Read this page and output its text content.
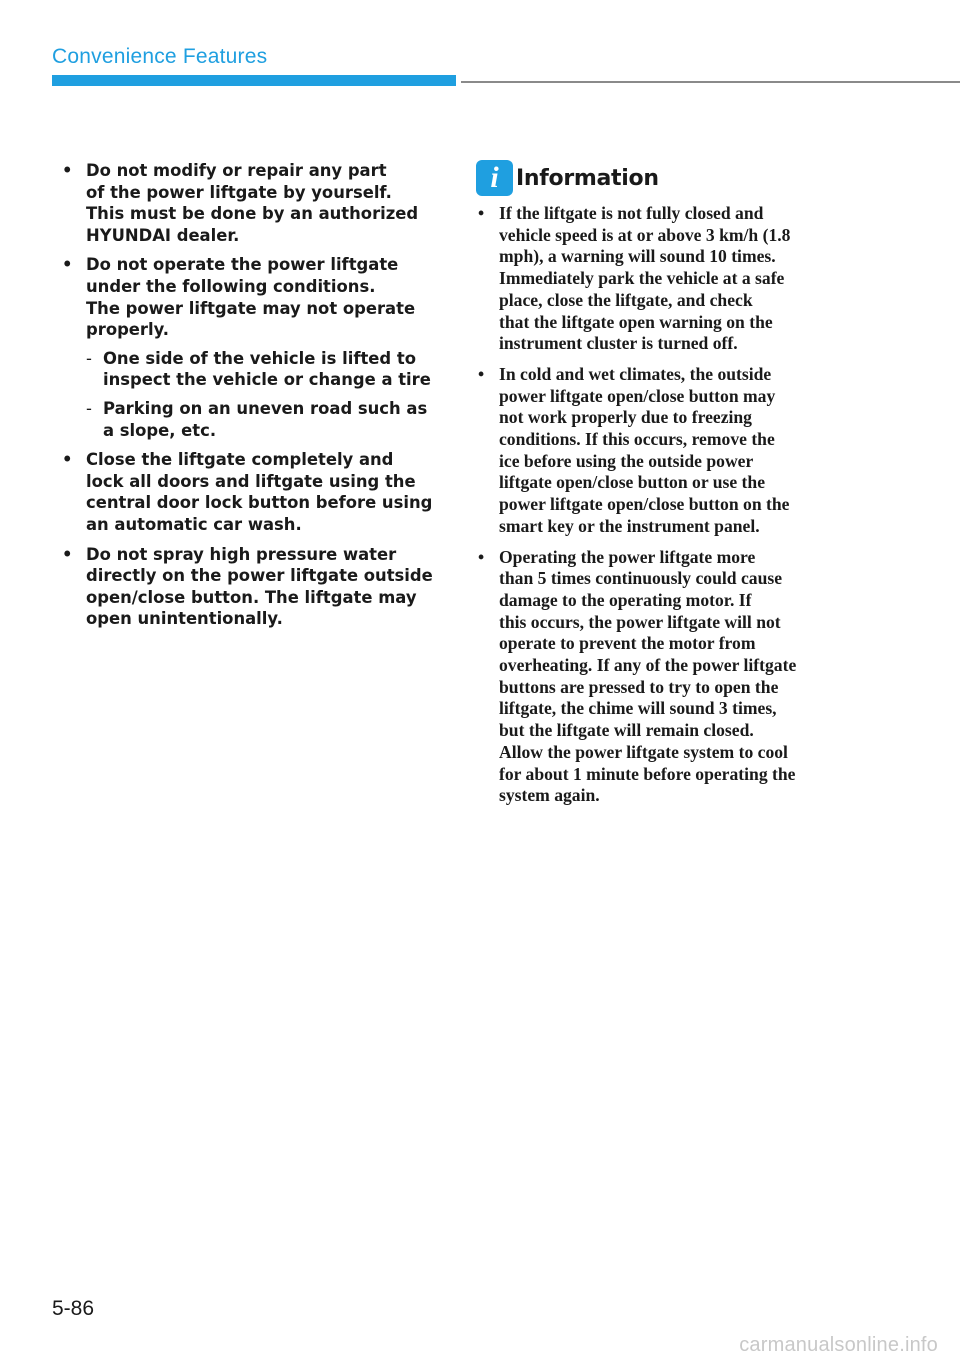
Convenience Features
• Do not modify or repair any part

of the power liftgate by yourself.

This must be done by an authorized

HYUNDAI dealer.

• Do not operate the power liftgate

under the following conditions.

The power liftgate may not operate

properly.

- One side of the vehicle is lifted to

inspect the vehicle or change a tire

- Parking on an uneven road such as

a slope, etc.

• Close the liftgate completely and

lock all doors and liftgate using the

central door lock button before using

an automatic car wash.

• Do not spray high pressure water

directly on the power liftgate outside

open/close button. The liftgate may

open unintentionally.

i Information
• If the liftgate is not fully closed and

vehicle speed is at or above 3 km/h (1.8

mph), a warning will sound 10 times.

Immediately park the vehicle at a safe

place, close the liftgate, and check

that the liftgate open warning on the

instrument cluster is turned off.

• In cold and wet climates, the outside

power liftgate open/close button may

not work properly due to freezing

conditions. If this occurs, remove the

ice before using the outside power

liftgate open/close button or use the

power liftgate open/close button on the

smart key or the instrument panel.

• Operating the power liftgate more

than 5 times continuously could cause

damage to the operating motor. If

this occurs, the power liftgate will not

operate to prevent the motor from

overheating. If any of the power liftgate

buttons are pressed to try to open the

liftgate, the chime will sound 3 times,

but the liftgate will remain closed.

Allow the power liftgate system to cool

for about 1 minute before operating the

system again.

5-86
carmanualsonline.info
